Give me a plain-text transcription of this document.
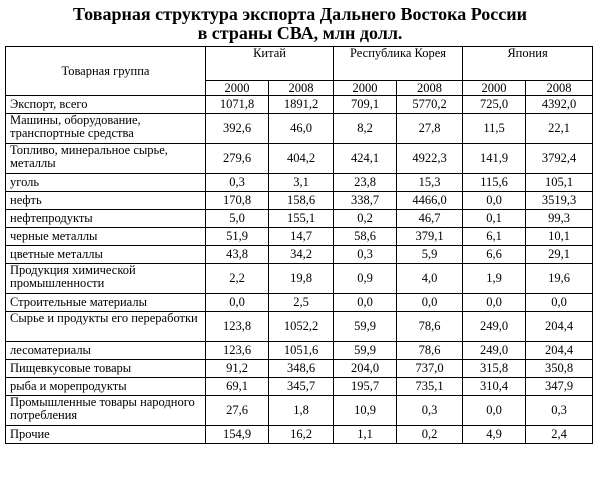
Товарная структура экспорта Дальнего Востока России
в страны СВА, млн долл.
Товарная группа	Китай		Республика Корея		Япония	
	2000	2008	2000	2008	2000	2008
Экспорт, всего	1071,8	1891,2	709,1	5770,2	725,0	4392,0
Машины, оборудование, транспортные средства	392,6	46,0	8,2	27,8	11,5	22,1
Топливо, минеральное сырье, металлы	279,6	404,2	424,1	4922,3	141,9	3792,4
уголь	0,3	3,1	23,8	15,3	115,6	105,1
нефть	170,8	158,6	338,7	4466,0	0,0	3519,3
нефтепродукты	5,0	155,1	0,2	46,7	0,1	99,3
черные металлы	51,9	14,7	58,6	379,1	6,1	10,1
цветные металлы	43,8	34,2	0,3	5,9	6,6	29,1
Продукция химической промышленности	2,2	19,8	0,9	4,0	1,9	19,6
Строительные материалы	0,0	2,5	0,0	0,0	0,0	0,0
Сырье и продукты его переработки	123,8	1052,2	59,9	78,6	249,0	204,4
лесоматериалы	123,6	1051,6	59,9	78,6	249,0	204,4
Пищевкусовые товары	91,2	348,6	204,0	737,0	315,8	350,8
рыба и морепродукты	69,1	345,7	195,7	735,1	310,4	347,9
Промышленные товары народного потребления	27,6	1,8	10,9	0,3	0,0	0,3
Прочие	154,9	16,2	1,1	0,2	4,9	2,4
